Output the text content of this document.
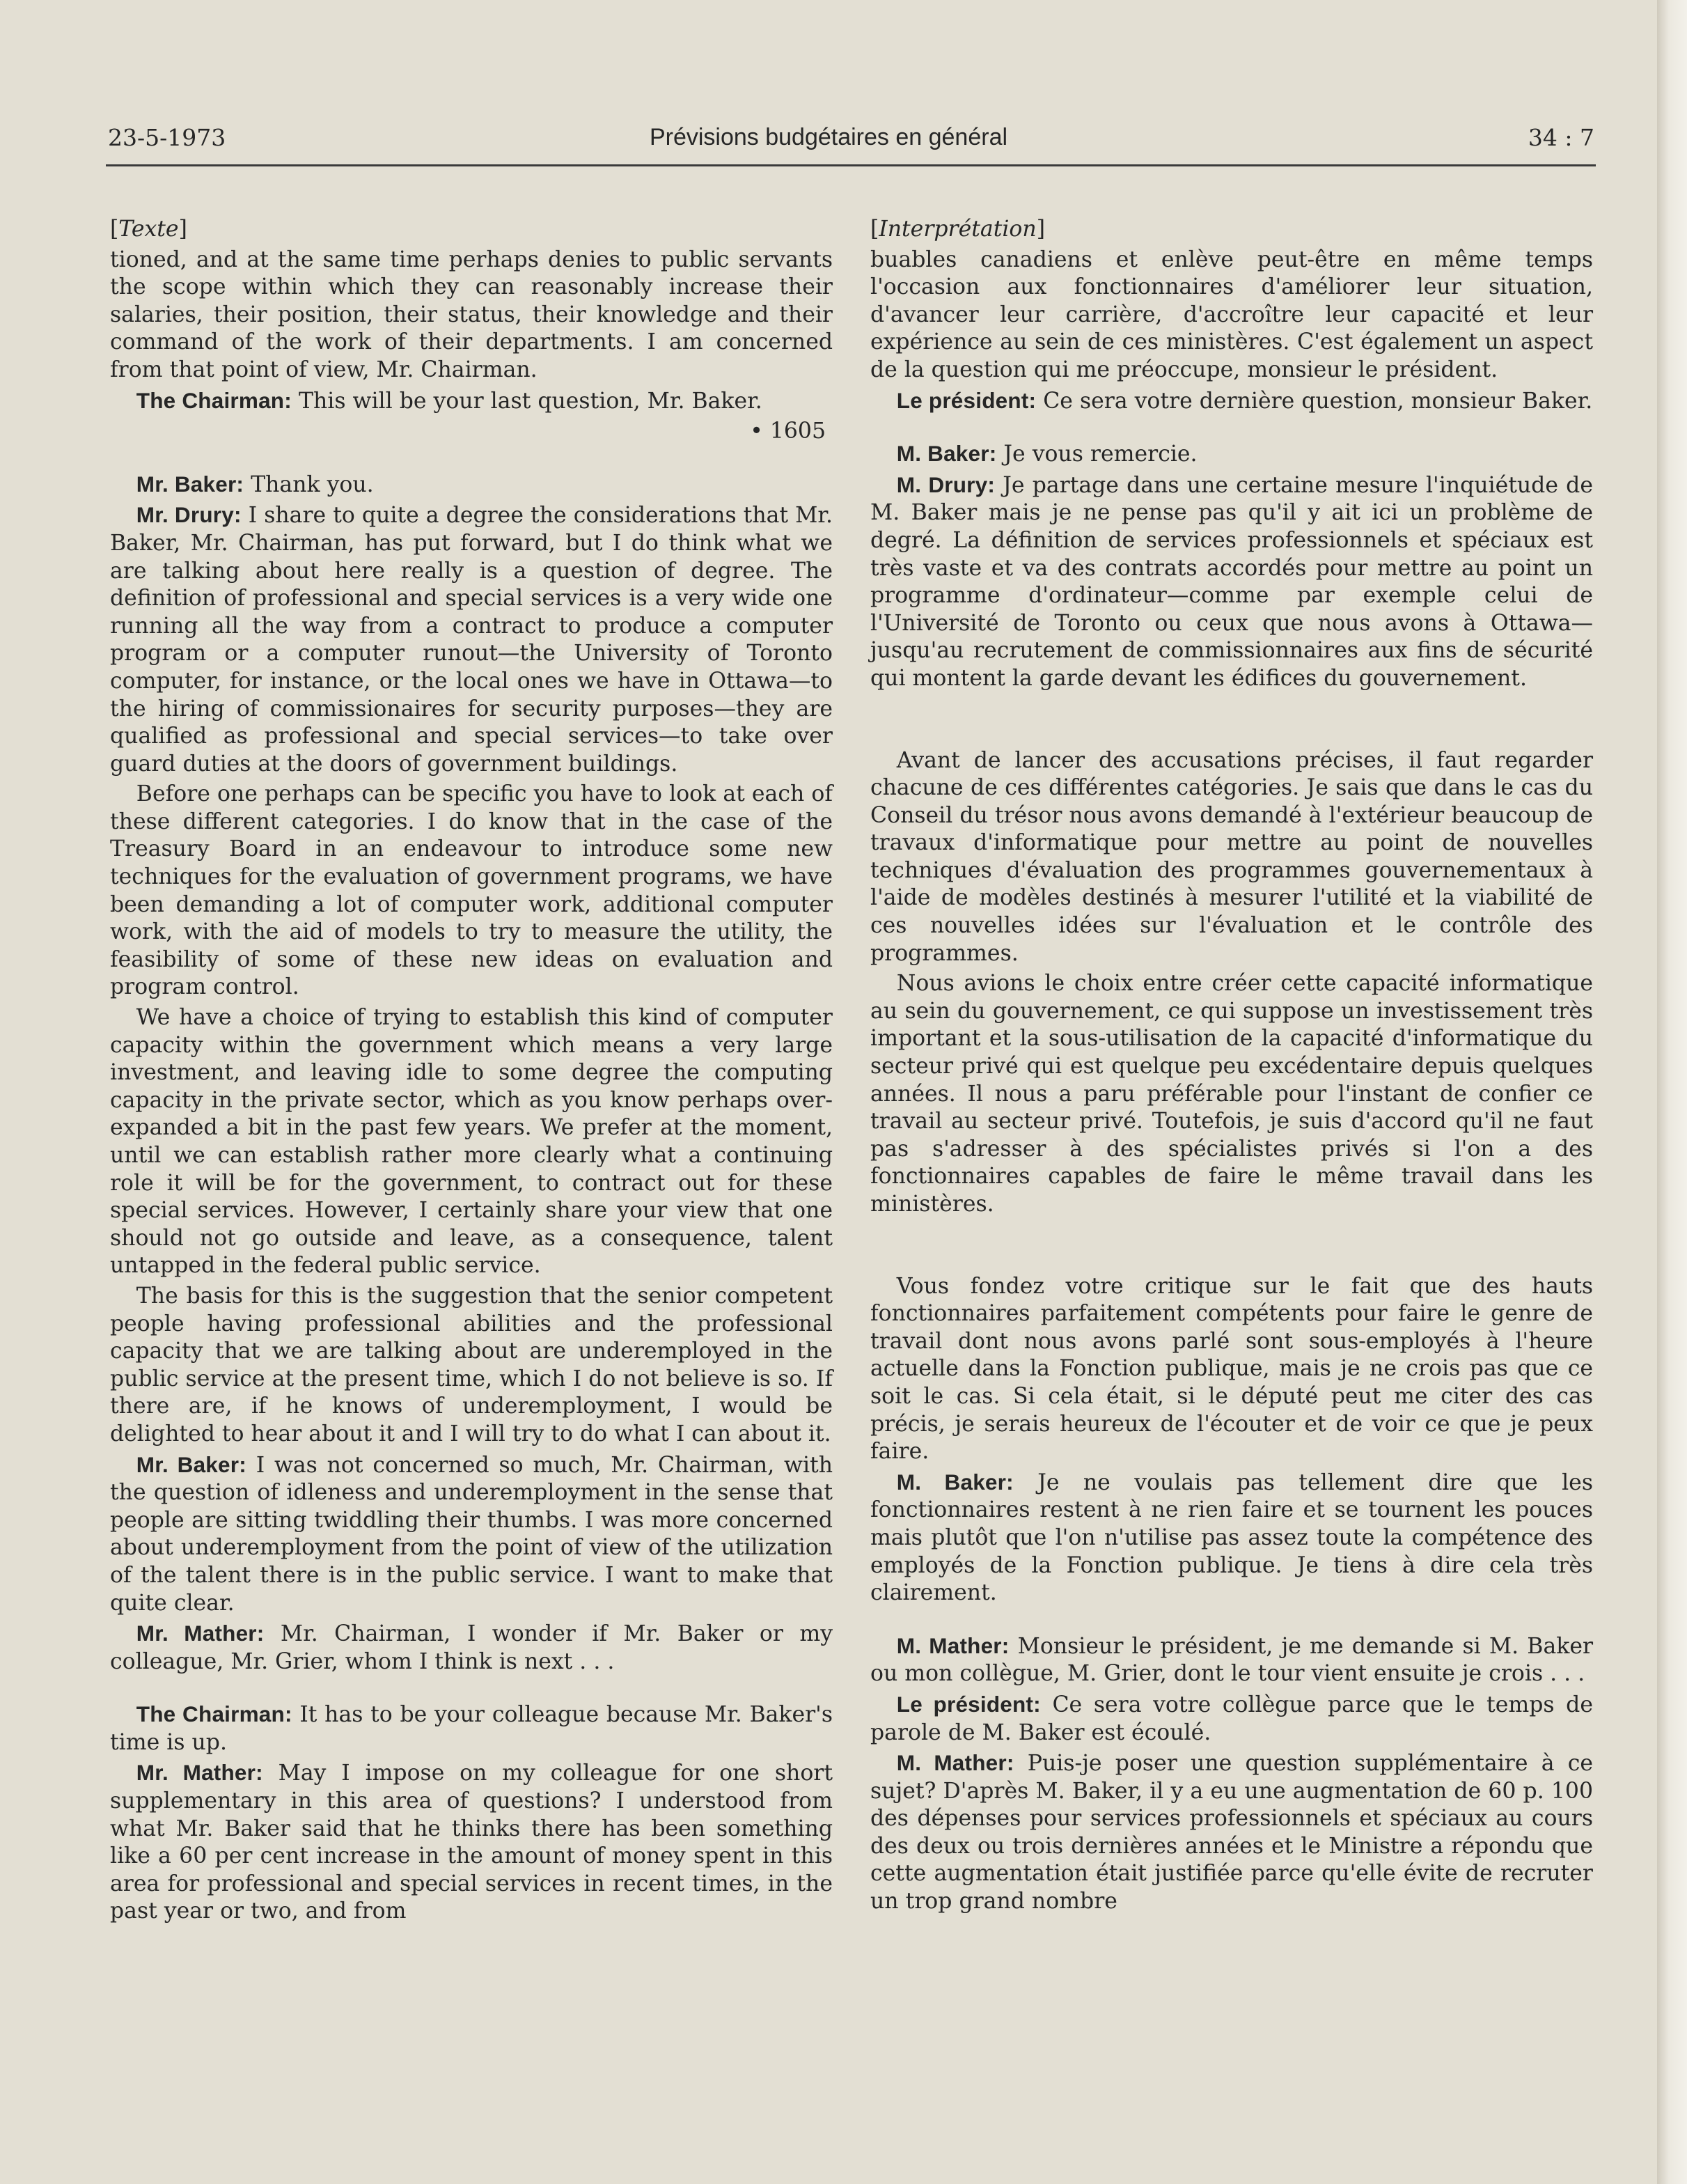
23-5-1973	Prévisions budgétaires en général	34 : 7

[Texte]

tioned, and at the same time perhaps denies to public servants the scope within which they can reasonably increase their salaries, their position, their status, their knowledge and their command of the work of their departments. I am concerned from that point of view, Mr. Chairman.

The Chairman: This will be your last question, Mr. Baker.

• 1605

Mr. Baker: Thank you.

Mr. Drury: I share to quite a degree the considerations that Mr. Baker, Mr. Chairman, has put forward, but I do think what we are talking about here really is a question of degree. The definition of professional and special services is a very wide one running all the way from a contract to produce a computer program or a computer runout—the University of Toronto computer, for instance, or the local ones we have in Ottawa—to the hiring of commissionaires for security purposes—they are qualified as professional and special services—to take over guard duties at the doors of government buildings.

Before one perhaps can be specific you have to look at each of these different categories. I do know that in the case of the Treasury Board in an endeavour to introduce some new techniques for the evaluation of government programs, we have been demanding a lot of computer work, additional computer work, with the aid of models to try to measure the utility, the feasibility of some of these new ideas on evaluation and program control.

We have a choice of trying to establish this kind of computer capacity within the government which means a very large investment, and leaving idle to some degree the computing capacity in the private sector, which as you know perhaps over-expanded a bit in the past few years. We prefer at the moment, until we can establish rather more clearly what a continuing role it will be for the government, to contract out for these special services. However, I certainly share your view that one should not go outside and leave, as a consequence, talent untapped in the federal public service.

The basis for this is the suggestion that the senior competent people having professional abilities and the professional capacity that we are talking about are underemployed in the public service at the present time, which I do not believe is so. If there are, if he knows of underemployment, I would be delighted to hear about it and I will try to do what I can about it.

Mr. Baker: I was not concerned so much, Mr. Chairman, with the question of idleness and underemployment in the sense that people are sitting twiddling their thumbs. I was more concerned about underemployment from the point of view of the utilization of the talent there is in the public service. I want to make that quite clear.

Mr. Mather: Mr. Chairman, I wonder if Mr. Baker or my colleague, Mr. Grier, whom I think is next . . .

The Chairman: It has to be your colleague because Mr. Baker's time is up.

Mr. Mather: May I impose on my colleague for one short supplementary in this area of questions? I understood from what Mr. Baker said that he thinks there has been something like a 60 per cent increase in the amount of money spent in this area for professional and special services in recent times, in the past year or two, and from

[Interprétation]

buables canadiens et enlève peut-être en même temps l'occasion aux fonctionnaires d'améliorer leur situation, d'avancer leur carrière, d'accroître leur capacité et leur expérience au sein de ces ministères. C'est également un aspect de la question qui me préoccupe, monsieur le président.

Le président: Ce sera votre dernière question, monsieur Baker.

M. Baker: Je vous remercie.

M. Drury: Je partage dans une certaine mesure l'inquiétude de M. Baker mais je ne pense pas qu'il y ait ici un problème de degré. La définition de services professionnels et spéciaux est très vaste et va des contrats accordés pour mettre au point un programme d'ordinateur—comme par exemple celui de l'Université de Toronto ou ceux que nous avons à Ottawa—jusqu'au recrutement de commissionnaires aux fins de sécurité qui montent la garde devant les édifices du gouvernement.

Avant de lancer des accusations précises, il faut regarder chacune de ces différentes catégories. Je sais que dans le cas du Conseil du trésor nous avons demandé à l'extérieur beaucoup de travaux d'informatique pour mettre au point de nouvelles techniques d'évaluation des programmes gouvernementaux à l'aide de modèles destinés à mesurer l'utilité et la viabilité de ces nouvelles idées sur l'évaluation et le contrôle des programmes.

Nous avions le choix entre créer cette capacité informatique au sein du gouvernement, ce qui suppose un investissement très important et la sous-utilisation de la capacité d'informatique du secteur privé qui est quelque peu excédentaire depuis quelques années. Il nous a paru préférable pour l'instant de confier ce travail au secteur privé. Toutefois, je suis d'accord qu'il ne faut pas s'adresser à des spécialistes privés si l'on a des fonctionnaires capables de faire le même travail dans les ministères.

Vous fondez votre critique sur le fait que des hauts fonctionnaires parfaitement compétents pour faire le genre de travail dont nous avons parlé sont sous-employés à l'heure actuelle dans la Fonction publique, mais je ne crois pas que ce soit le cas. Si cela était, si le député peut me citer des cas précis, je serais heureux de l'écouter et de voir ce que je peux faire.

M. Baker: Je ne voulais pas tellement dire que les fonctionnaires restent à ne rien faire et se tournent les pouces mais plutôt que l'on n'utilise pas assez toute la compétence des employés de la Fonction publique. Je tiens à dire cela très clairement.

M. Mather: Monsieur le président, je me demande si M. Baker ou mon collègue, M. Grier, dont le tour vient ensuite je crois . . .

Le président: Ce sera votre collègue parce que le temps de parole de M. Baker est écoulé.

M. Mather: Puis-je poser une question supplémentaire à ce sujet? D'après M. Baker, il y a eu une augmentation de 60 p. 100 des dépenses pour services professionnels et spéciaux au cours des deux ou trois dernières années et le Ministre a répondu que cette augmentation était justifiée parce qu'elle évite de recruter un trop grand nombre
